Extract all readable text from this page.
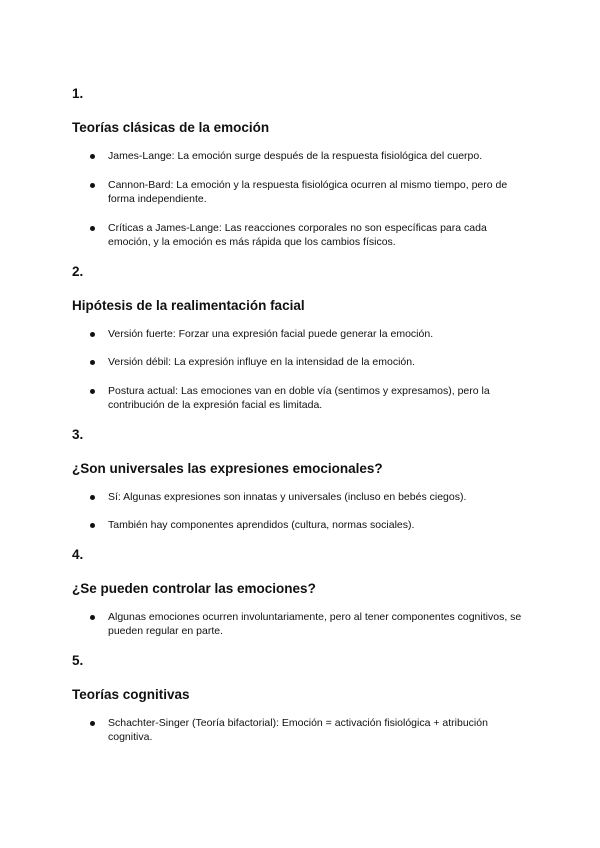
1.
Teorías clásicas de la emoción
James-Lange: La emoción surge después de la respuesta fisiológica del cuerpo.
Cannon-Bard: La emoción y la respuesta fisiológica ocurren al mismo tiempo, pero de forma independiente.
Críticas a James-Lange: Las reacciones corporales no son específicas para cada emoción, y la emoción es más rápida que los cambios físicos.
2.
Hipótesis de la realimentación facial
Versión fuerte: Forzar una expresión facial puede generar la emoción.
Versión débil: La expresión influye en la intensidad de la emoción.
Postura actual: Las emociones van en doble vía (sentimos y expresamos), pero la contribución de la expresión facial es limitada.
3.
¿Son universales las expresiones emocionales?
Sí: Algunas expresiones son innatas y universales (incluso en bebés ciegos).
También hay componentes aprendidos (cultura, normas sociales).
4.
¿Se pueden controlar las emociones?
Algunas emociones ocurren involuntariamente, pero al tener componentes cognitivos, se pueden regular en parte.
5.
Teorías cognitivas
Schachter-Singer (Teoría bifactorial): Emoción = activación fisiológica + atribución cognitiva.
